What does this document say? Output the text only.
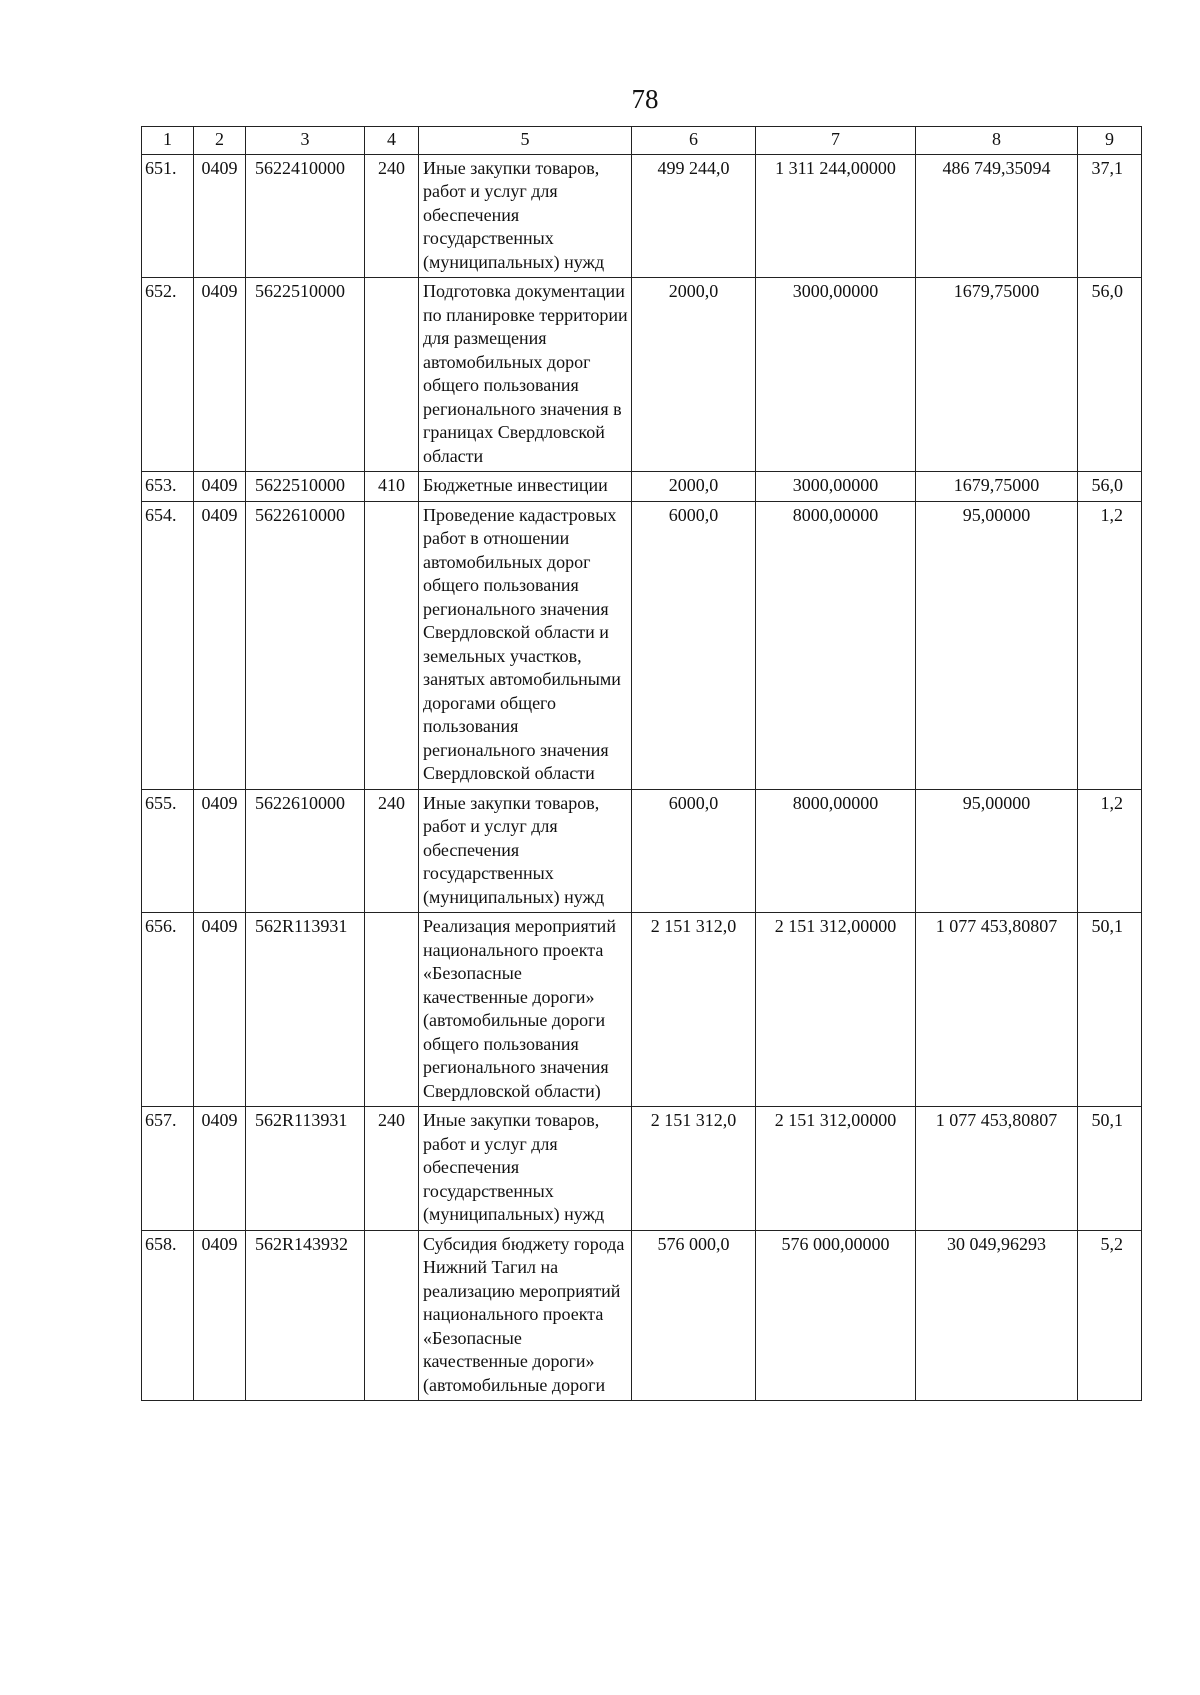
78
1	2	3	4	5	6	7	8	9
651.	0409	5622410000	240	Иные закупки товаров, работ и услуг для обеспечения государственных (муниципальных) нужд	499 244,0	1 311 244,00000	486 749,35094	37,1
652.	0409	5622510000		Подготовка документации по планировке территории для размещения автомобильных дорог общего пользования регионального значения в границах Свердловской области	2000,0	3000,00000	1679,75000	56,0
653.	0409	5622510000	410	Бюджетные инвестиции	2000,0	3000,00000	1679,75000	56,0
654.	0409	5622610000		Проведение кадастровых работ в отношении автомобильных дорог общего пользования регионального значения Свердловской области и земельных участков, занятых автомобильными дорогами общего пользования регионального значения Свердловской области	6000,0	8000,00000	95,00000	1,2
655.	0409	5622610000	240	Иные закупки товаров, работ и услуг для обеспечения государственных (муниципальных) нужд	6000,0	8000,00000	95,00000	1,2
656.	0409	562R113931		Реализация мероприятий национального проекта «Безопасные качественные дороги» (автомобильные дороги общего пользования регионального значения Свердловской области)	2 151 312,0	2 151 312,00000	1 077 453,80807	50,1
657.	0409	562R113931	240	Иные закупки товаров, работ и услуг для обеспечения государственных (муниципальных) нужд	2 151 312,0	2 151 312,00000	1 077 453,80807	50,1
658.	0409	562R143932		Субсидия бюджету города Нижний Тагил на реализацию мероприятий национального проекта «Безопасные качественные дороги» (автомобильные дороги	576 000,0	576 000,00000	30 049,96293	5,2
